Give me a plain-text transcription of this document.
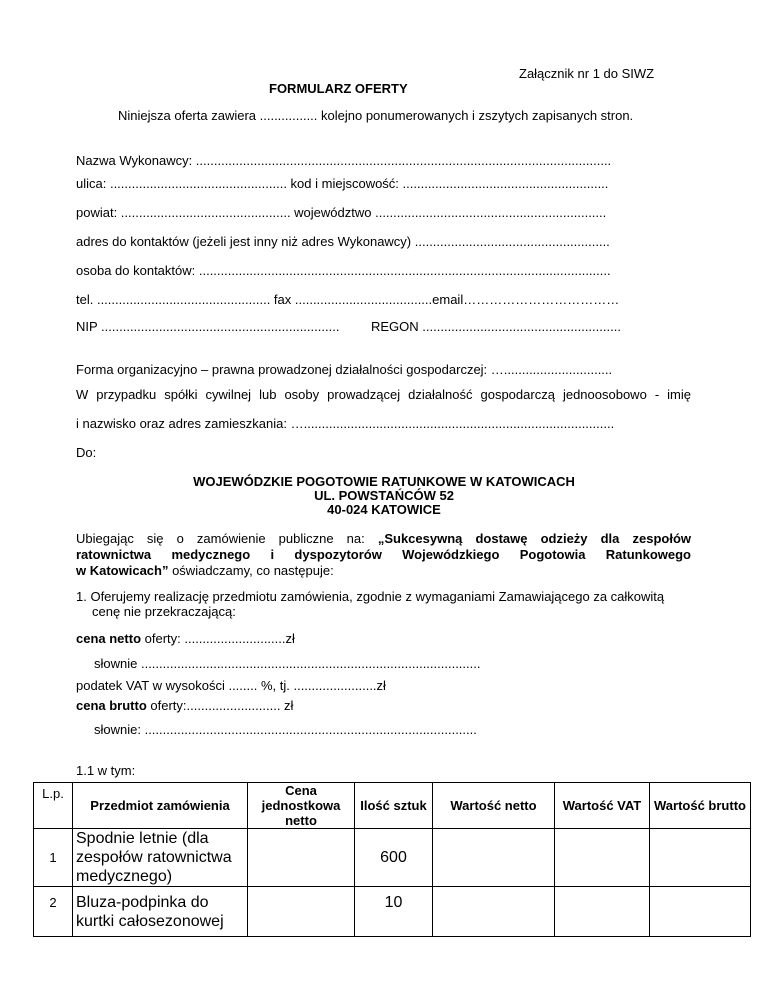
Załącznik nr 1 do SIWZ
FORMULARZ OFERTY
Niniejsza oferta zawiera ................ kolejno ponumerowanych i zszytych zapisanych stron.
Nazwa Wykonawcy: ...................................................................................................................
ulica: ................................................. kod i miejscowość: .........................................................
powiat: ............................................... województwo ................................................................
adres do kontaktów (jeżeli jest inny niż adres Wykonawcy) ......................................................
osoba do kontaktów: ..................................................................................................................
tel. ................................................ fax ......................................email………………………………
NIP .................................................................. REGON .......................................................
Forma organizacyjno – prawna prowadzonej działalności gospodarczej: …..............................
W przypadku spółki cywilnej lub osoby prowadzącej działalność gospodarczą jednoosobowo - imię
i nazwisko oraz adres zamieszkania: …......................................................................................
Do:
WOJEWÓDZKIE POGOTOWIE RATUNKOWE W KATOWICACH
UL. POWSTAŃCÓW 52
40-024 KATOWICE
Ubiegając się o zamówienie publiczne na: „Sukcesywną dostawę odzieży dla zespołów
ratownictwa medycznego i dyspozytorów Wojewódzkiego Pogotowia Ratunkowego
w Katowicach” oświadczamy, co następuje:
1. Oferujemy realizację przedmiotu zamówienia, zgodnie z wymaganiami Zamawiającego za całkowitą
cenę nie przekraczającą:
cena netto oferty: ............................zł
słownie ..............................................................................................
podatek VAT w wysokości ........ %, tj. .......................zł
cena brutto oferty:.......................... zł
słownie: ............................................................................................
1.1 w tym:
L.p.	Przedmiot zamówienia	Cena jednostkowa netto	Ilość sztuk	Wartość netto	Wartość VAT	Wartość brutto
1	Spodnie letnie (dla zespołów ratownictwa medycznego)		600			
2	Bluza-podpinka do kurtki całosezonowej		10			
